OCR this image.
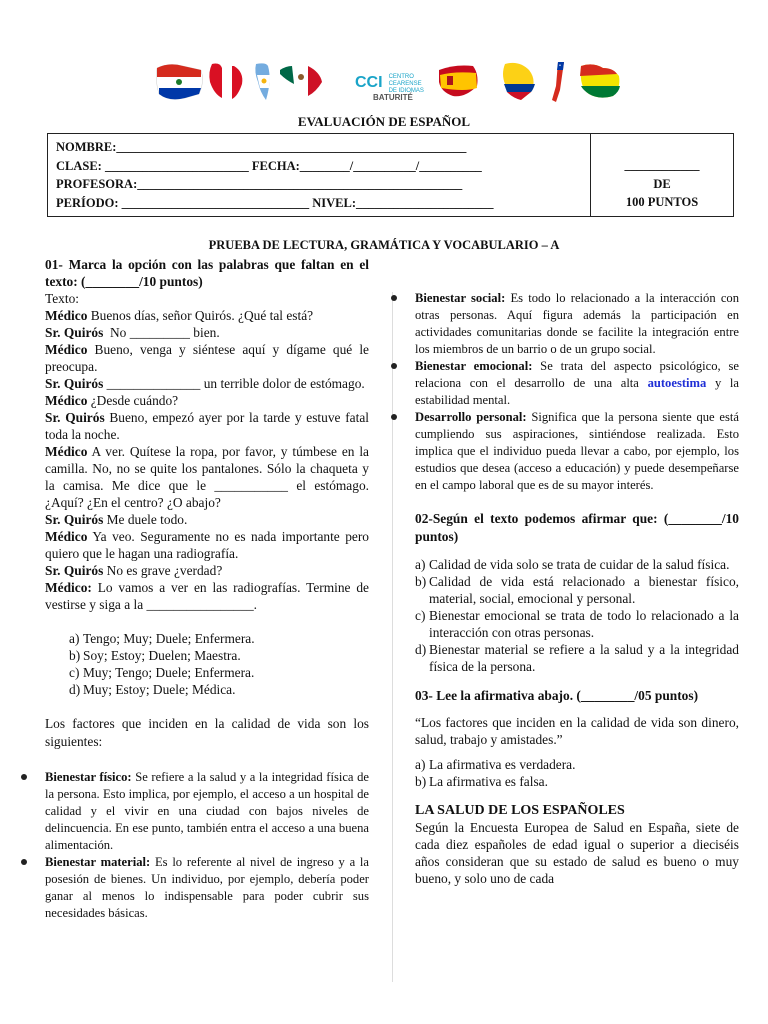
CCI CENTRO
CEARENSE
DE IDIOMAS
BATURITÉ
EVALUACIÓN DE ESPAÑOL
NOMBRE:________________________________________________________
CLASE: _______________________ FECHA:________/__________/__________
PROFESORA:____________________________________________________
PERÍODO: ______________________________ NIVEL:______________________

____________
DE
100 PUNTOS
PRUEBA DE LECTURA, GRAMÁTICA Y VOCABULARIO – A
01- Marca la opción con las palabras que faltan en el texto: (________/10 puntos)
Texto:
Médico Buenos días, señor Quirós. ¿Qué tal está?
Sr. Quirós  No _________ bien.
Médico Bueno, venga y siéntese aquí y dígame qué le preocupa.
Sr. Quirós ______________ un terrible dolor de estómago.
Médico ¿Desde cuándo?
Sr. Quirós Bueno, empezó ayer por la tarde y estuve fatal toda la noche.
Médico A ver. Quítese la ropa, por favor, y túmbese en la camilla. No, no se quite los pantalones. Sólo la chaqueta y la camisa. Me dice que le ___________ el estómago. ¿Aquí? ¿En el centro? ¿O abajo?
Sr. Quirós Me duele todo.
Médico Ya veo. Seguramente no es nada importante pero quiero que le hagan una radiografía.
Sr. Quirós No es grave ¿verdad?
Médico: Lo vamos a ver en las radiografías. Termine de vestirse y siga a la ________________.
a) Tengo; Muy; Duele; Enfermera.
b) Soy; Estoy; Duelen; Maestra.
c) Muy; Tengo; Duele; Enfermera.
d) Muy; Estoy; Duele; Médica.
Los factores que inciden en la calidad de vida son los siguientes:
Bienestar físico: Se refiere a la salud y a la integridad física de la persona. Esto implica, por ejemplo, el acceso a un hospital de calidad y el vivir en una ciudad con bajos niveles de delincuencia. En ese punto, también entra el acceso a una buena alimentación.
Bienestar material: Es lo referente al nivel de ingreso y a la posesión de bienes. Un individuo, por ejemplo, debería poder ganar al menos lo indispensable para poder cubrir sus necesidades básicas.
Bienestar social: Es todo lo relacionado a la interacción con otras personas. Aquí figura además la participación en actividades comunitarias donde se facilite la integración entre los miembros de un barrio o de un grupo social.
Bienestar emocional: Se trata del aspecto psicológico, se relaciona con el desarrollo de una alta autoestima y la estabilidad mental.
Desarrollo personal: Significa que la persona siente que está cumpliendo sus aspiraciones, sintiéndose realizada. Esto implica que el individuo pueda llevar a cabo, por ejemplo, los estudios que desea (acceso a educación) y puede desempeñarse en el campo laboral que es de su mayor interés.
02-Según el texto podemos afirmar que: (________/10 puntos)
a) Calidad de vida solo se trata de cuidar de la salud física.
b) Calidad de vida está relacionado a bienestar físico, material, social, emocional y personal.
c) Bienestar emocional se trata de todo lo relacionado a la interacción con otras personas.
d) Bienestar material se refiere a la salud y a la integridad física de la persona.
03- Lee la afirmativa abajo. (________/05 puntos)
“Los factores que inciden en la calidad de vida son dinero, salud, trabajo y amistades.”
a) La afirmativa es verdadera.
b) La afirmativa es falsa.
LA SALUD DE LOS ESPAÑOLES
Según la Encuesta Europea de Salud en España, siete de cada diez españoles de edad igual o superior a dieciséis años consideran que su estado de salud es bueno o muy bueno, y solo uno de cada
